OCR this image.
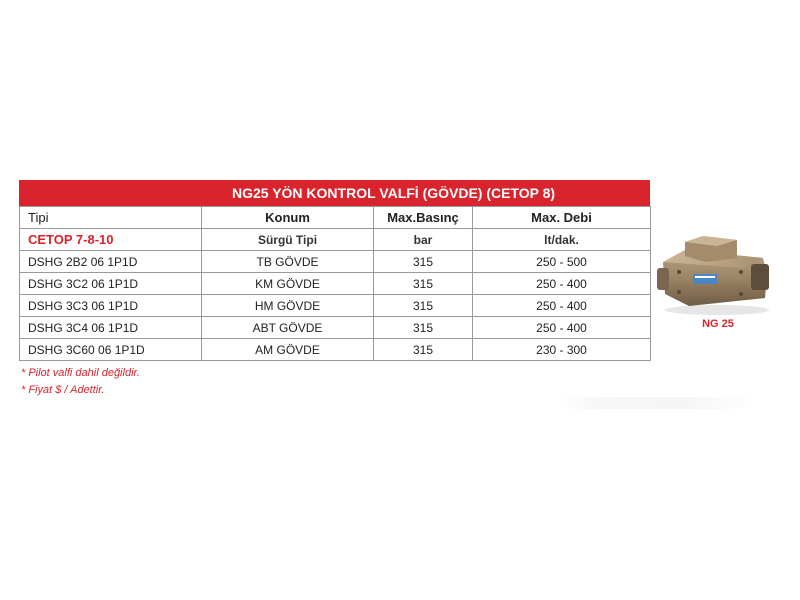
NG25 YÖN KONTROL VALFİ (GÖVDE) (CETOP 8)
Tipi	Konum	Max.Basınç	Max. Debi
CETOP 7-8-10	Sürgü Tipi	bar	lt/dak.
DSHG 2B2 06 1P1D	TB GÖVDE	315	250 - 500
DSHG 3C2 06 1P1D	KM GÖVDE	315	250 - 400
DSHG 3C3 06 1P1D	HM GÖVDE	315	250 - 400
DSHG 3C4 06 1P1D	ABT GÖVDE	315	250 - 400
DSHG 3C60 06 1P1D	AM GÖVDE	315	230 - 300
* Pilot valfi dahil değildir.
* Fiyat $ / Adettir.
NG 25
